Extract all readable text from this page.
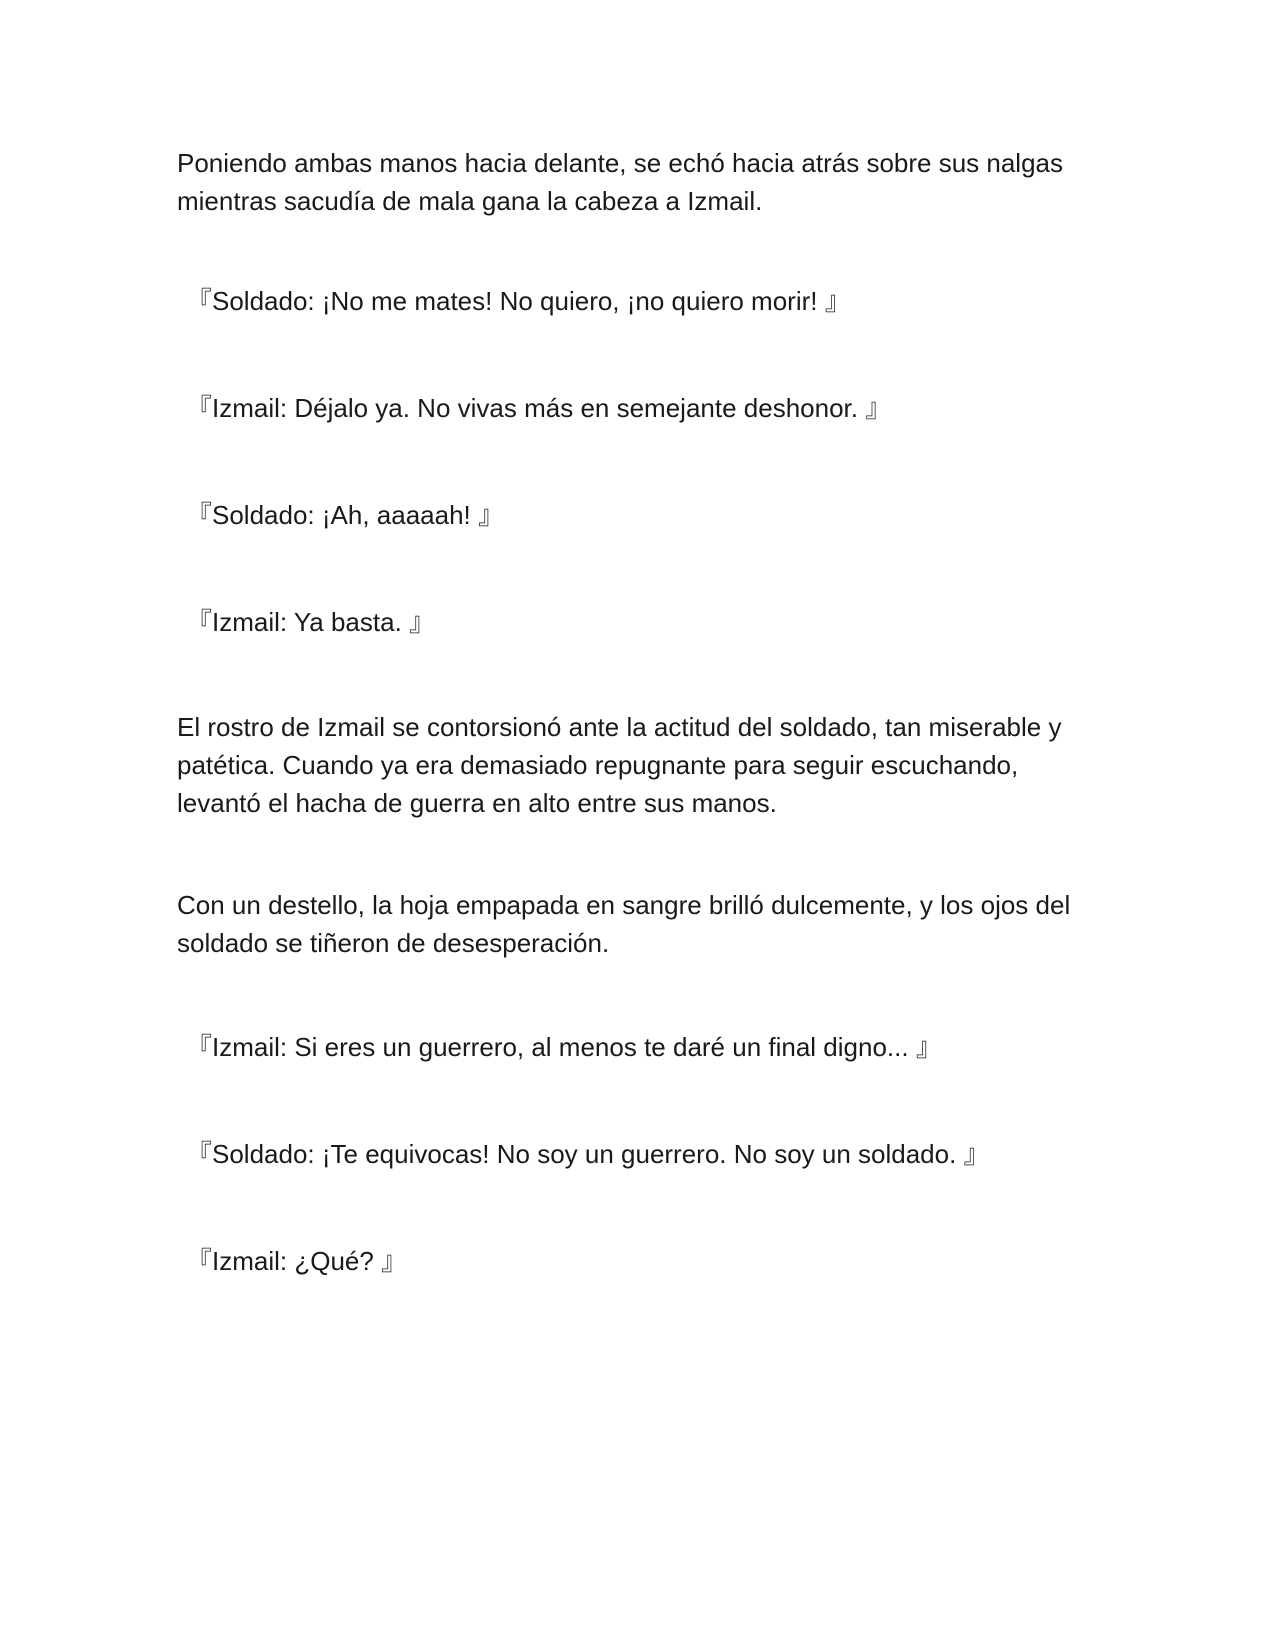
Poniendo ambas manos hacia delante, se echó hacia atrás sobre sus nalgas
mientras sacudía de mala gana la cabeza a Izmail.

『Soldado: ¡No me mates! No quiero, ¡no quiero morir! 』

『Izmail: Déjalo ya. No vivas más en semejante deshonor. 』

『Soldado: ¡Ah, aaaaah! 』

『Izmail: Ya basta. 』

El rostro de Izmail se contorsionó ante la actitud del soldado, tan miserable y
patética. Cuando ya era demasiado repugnante para seguir escuchando,
levantó el hacha de guerra en alto entre sus manos.

Con un destello, la hoja empapada en sangre brilló dulcemente, y los ojos del
soldado se tiñeron de desesperación.

『Izmail: Si eres un guerrero, al menos te daré un final digno... 』

『Soldado: ¡Te equivocas! No soy un guerrero. No soy un soldado. 』

『Izmail: ¿Qué? 』
